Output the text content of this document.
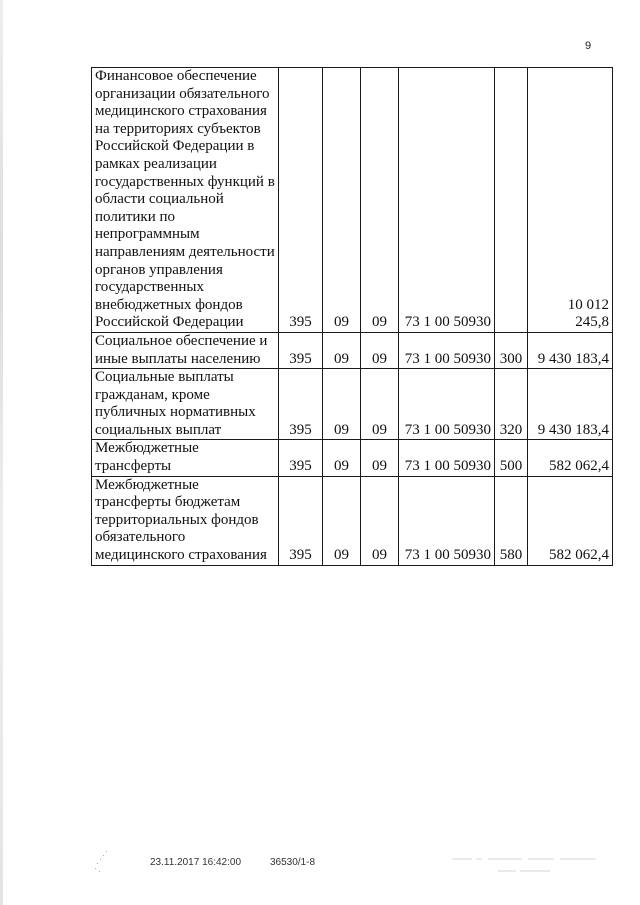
9
Финансовое обеспечение организации обязательного медицинского страхования на территориях субъектов Российской Федерации в рамках реализации государственных функций в области социальной политики по непрограммным направлениям деятельности органов управления государственных внебюджетных фондов Российской Федерации	395	09	09	73 1 00 50930		10 012 245,8
Социальное обеспечение и иные выплаты населению	395	09	09	73 1 00 50930	300	9 430 183,4
Социальные выплаты гражданам, кроме публичных нормативных социальных выплат	395	09	09	73 1 00 50930	320	9 430 183,4
Межбюджетные трансферты	395	09	09	73 1 00 50930	500	582 062,4
Межбюджетные трансферты бюджетам территориальных фондов обязательного медицинского страхования	395	09	09	73 1 00 50930	580	582 062,4
23.11.2017 16:42:00	36530/1-8
